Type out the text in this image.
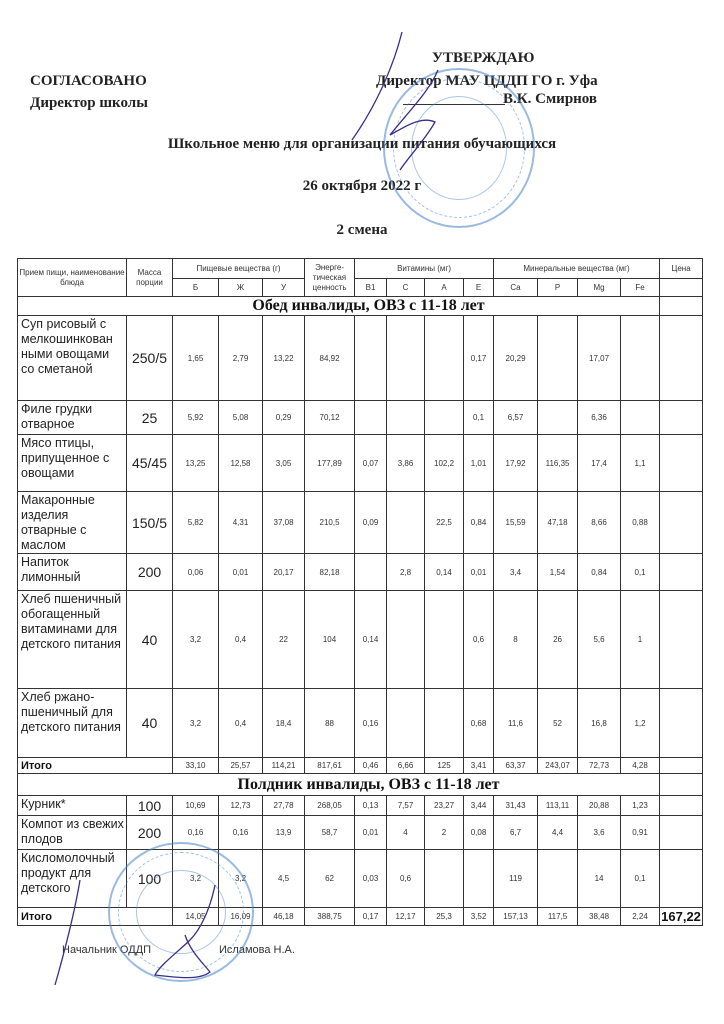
СОГЛАСОВАНО
Директор школы
УТВЕРЖДАЮ
Директор МАУ ЦДДП ГО г. Уфа
В.К. Смирнов
Школьное меню для организации питания обучающихся
26 октября 2022 г
2 смена
Прием пищи, наименование блюда	Масса порции	Пищевые вещества (г)			Энерге-тическая ценность	Витамины (мг)				Минеральные вещества (мг)				Цена
		Б	Ж	У		B1	C	A	E	Ca	P	Mg	Fe	
Обед инвалиды, ОВЗ с 11-18 лет														
Суп рисовый с мелкошинкован ными овощами со сметаной	250/5	1,65	2,79	13,22	84,92				0,17	20,29		17,07		
Филе грудки отварное	25	5,92	5,08	0,29	70,12				0,1	6,57		6,36		
Мясо птицы, припущенное с овощами	45/45	13,25	12,58	3,05	177,89	0,07	3,86	102,2	1,01	17,92	116,35	17,4	1,1	
Макаронные изделия отварные с маслом	150/5	5,82	4,31	37,08	210,5	0,09		22,5	0,84	15,59	47,18	8,66	0,88	
Напиток лимонный	200	0,06	0,01	20,17	82,18		2,8	0,14	0,01	3,4	1,54	0,84	0,1	
Хлеб пшеничный обогащенный витаминами для детского питания	40	3,2	0,4	22	104	0,14			0,6	8	26	5,6	1	
Хлеб ржано-пшеничный для детского питания	40	3,2	0,4	18,4	88	0,16			0,68	11,6	52	16,8	1,2	
Итого		33,10	25,57	114,21	817,61	0,46	6,66	125	3,41	63,37	243,07	72,73	4,28	
Полдник инвалиды, ОВЗ с 11-18 лет														
Курник*	100	10,69	12,73	27,78	268,05	0,13	7,57	23,27	3,44	31,43	113,11	20,88	1,23	
Компот из свежих плодов	200	0,16	0,16	13,9	58,7	0,01	4	2	0,08	6,7	4,4	3,6	0,91	
Кисломолочный продукт для детского	100	3,2	3,2	4,5	62	0,03	0,6			119		14	0,1	
Итого		14,05	16,09	46,18	388,75	0,17	12,17	25,3	3,52	157,13	117,5	38,48	2,24	167,22
Начальник ОДДП	Исламова Н.А.
